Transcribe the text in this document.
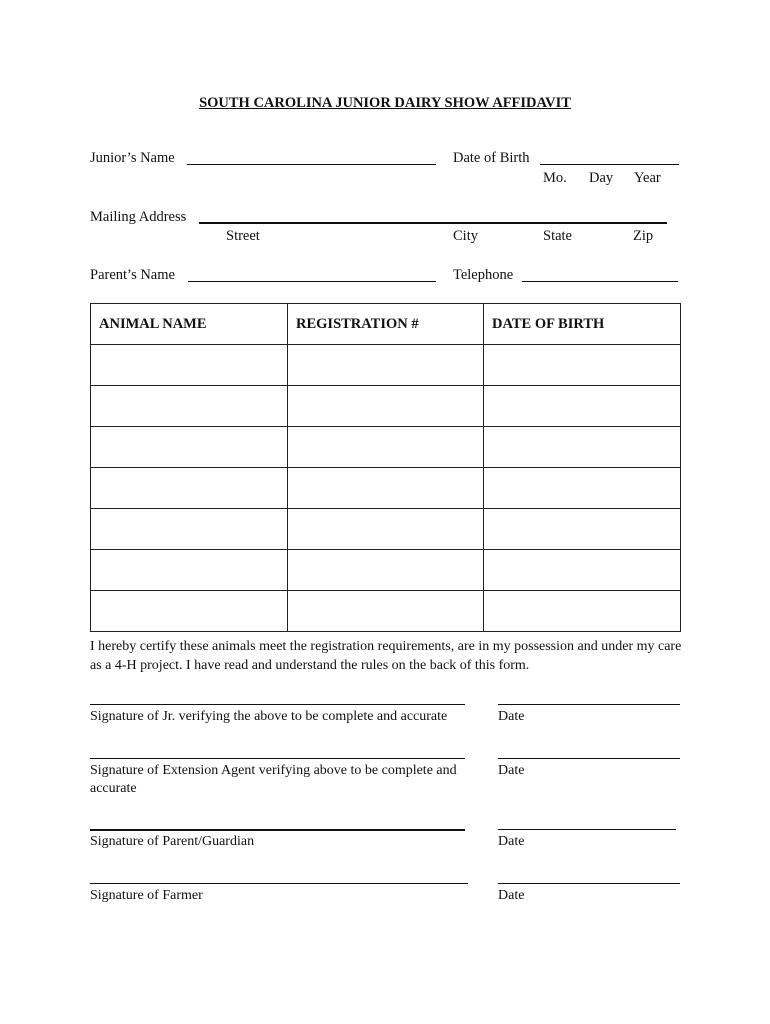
SOUTH CAROLINA JUNIOR DAIRY SHOW AFFIDAVIT
Junior’s Name	Date of Birth
Mo. Day Year
Mailing Address
Street	City	State	Zip
Parent’s Name	Telephone
ANIMAL NAME	REGISTRATION #	DATE OF BIRTH

I hereby certify these animals meet the registration requirements, are in my possession and under my care as a 4-H project. I have read and understand the rules on the back of this form.
Signature of Jr. verifying the above to be complete and accurate	Date
Signature of Extension Agent verifying above to be complete and accurate
Date
Signature of Parent/Guardian	Date
Signature of Farmer	Date
